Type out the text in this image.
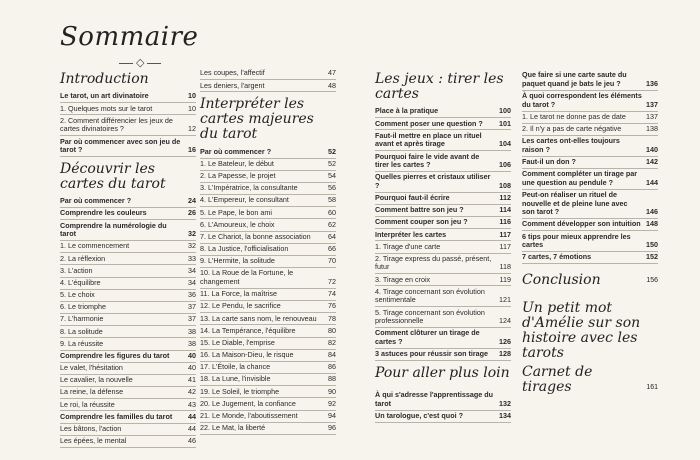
Sommaire
◇
Introduction
Le tarot, un art divinatoire	10
1. Quelques mots sur le tarot	10
2. Comment différencier les jeux de cartes divinatoires ?	12
Par où commencer avec son jeu de tarot ?	16
Découvrir les cartes du tarot
Par où commencer ?	24
Comprendre les couleurs	26
Comprendre la numérologie du tarot	32
1. Le commencement	32
2. La réflexion	33
3. L'action	34
4. L'équilibre	34
5. Le choix	36
6. Le triomphe	37
7. L'harmonie	37
8. La solitude	38
9. La réussite	38
Comprendre les figures du tarot	40
Le valet, l'hésitation	40
Le cavalier, la nouvelle	41
La reine, la défense	42
Le roi, la réussite	43
Comprendre les familles du tarot	44
Les bâtons, l'action	44
Les épées, le mental	46
Les coupes, l'affectif	47
Les deniers, l'argent	48
Interpréter les cartes majeures du tarot
Par où commencer ?	52
1. Le Bateleur, le début	52
2. La Papesse, le projet	54
3. L'Impératrice, la consultante	56
4. L'Empereur, le consultant	58
5. Le Pape, le bon ami	60
6. L'Amoureux, le choix	62
7. Le Chariot, la bonne association	64
8. La Justice, l'officialisation	66
9. L'Hermite, la solitude	70
10. La Roue de la Fortune, le changement	72
11. La Force, la maîtrise	74
12. Le Pendu, le sacrifice	76
13. La carte sans nom, le renouveau	78
14. La Tempérance, l'équilibre	80
15. Le Diable, l'emprise	82
16. La Maison-Dieu, le risque	84
17. L'Étoile, la chance	86
18. La Lune, l'invisible	88
19. Le Soleil, le triomphe	90
20. Le Jugement, la confiance	92
21. Le Monde, l'aboutissement	94
22. Le Mat, la liberté	96
Les jeux : tirer les cartes
Place à la pratique	100
Comment poser une question ?	101
Faut-il mettre en place un rituel avant et après tirage	104
Pourquoi faire le vide avant de tirer les cartes ?	106
Quelles pierres et cristaux utiliser ?	108
Pourquoi faut-il écrire	112
Comment battre son jeu ?	114
Comment couper son jeu ?	116
Interpréter les cartes	117
1. Tirage d'une carte	117
2. Tirage express du passé, présent, futur	118
3. Tirage en croix	119
4. Tirage concernant son évolution sentimentale	121
5. Tirage concernant son évolution professionnelle	124
Comment clôturer un tirage de cartes ?	126
3 astuces pour réussir son tirage	128
Pour aller plus loin
À qui s'adresse l'apprentissage du tarot	132
Un tarologue, c'est quoi ?	134
Que faire si une carte saute du paquet quand je bats le jeu ?	136
À quoi correspondent les éléments du tarot ?	137
1. Le tarot ne donne pas de date	137
2. Il n'y a pas de carte négative	138
Les cartes ont-elles toujours raison ?	140
Faut-il un don ?	142
Comment compléter un tirage par une question au pendule ?	144
Peut-on réaliser un rituel de nouvelle et de pleine lune avec son tarot ?	146
Comment développer son intuition 148
6 tips pour mieux apprendre les cartes	150
7 cartes, 7 émotions	152
Conclusion	156
Un petit mot d'Amélie sur son histoire avec les tarots
Carnet de tirages	161
